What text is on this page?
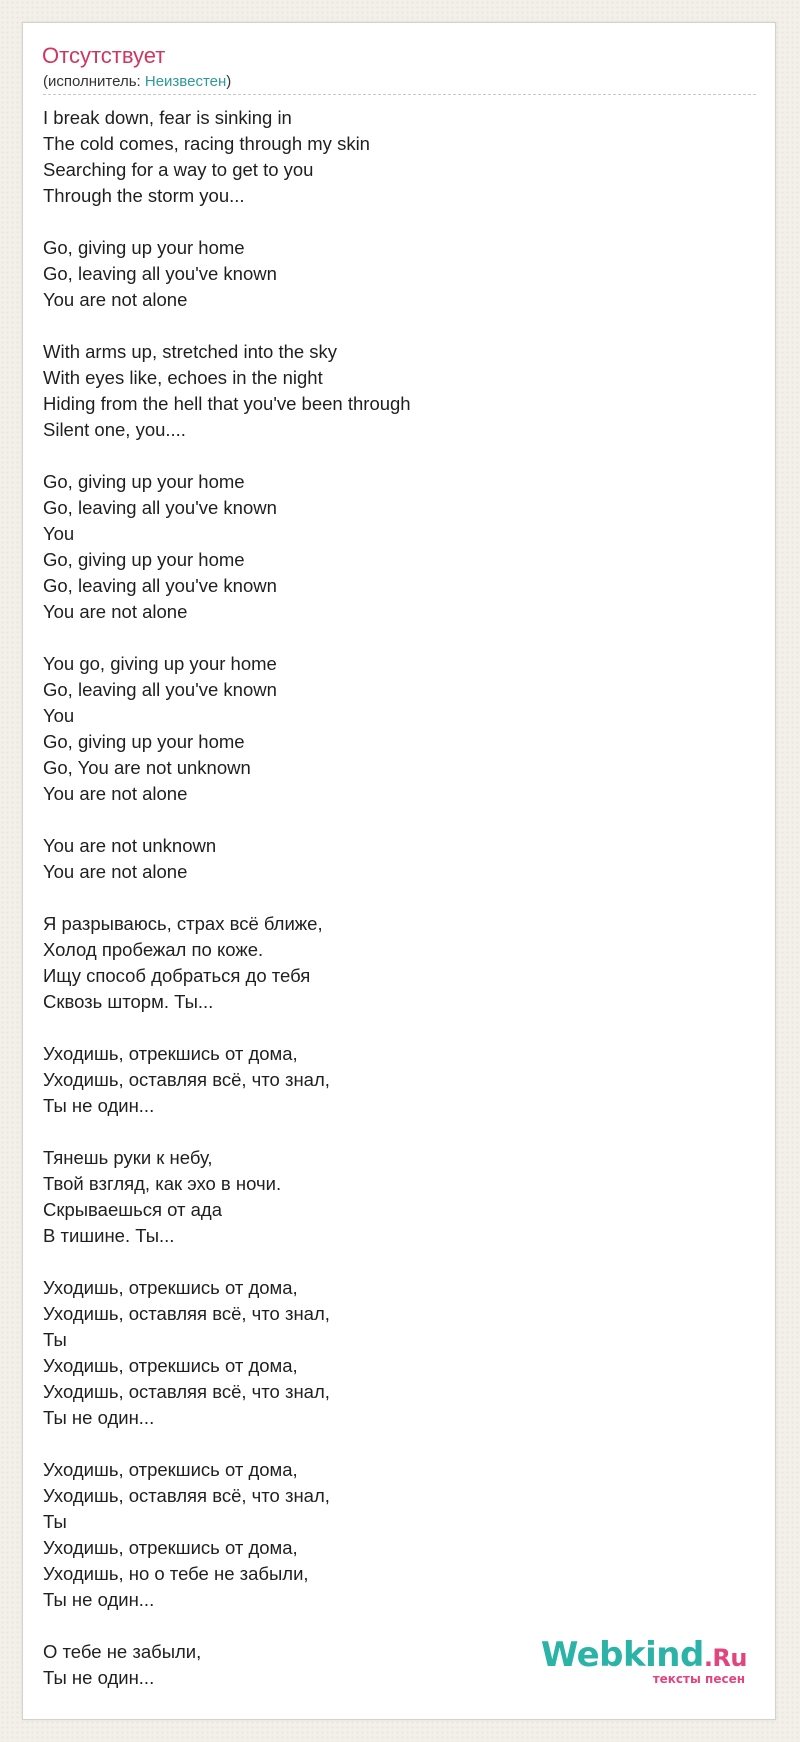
Отсутствует
(исполнитель: Неизвестен)
I break down, fear is sinking in
The cold comes, racing through my skin
Searching for a way to get to you
Through the storm you...
Go, giving up your home
Go, leaving all you've known
You are not alone
With arms up, stretched into the sky
With eyes like, echoes in the night
Hiding from the hell that you've been through
Silent one, you....
Go, giving up your home
Go, leaving all you've known
You
Go, giving up your home
Go, leaving all you've known
You are not alone
You go, giving up your home
Go, leaving all you've known
You
Go, giving up your home
Go, You are not unknown
You are not alone
You are not unknown
You are not alone
Я разрываюсь, страх всё ближе,
Холод пробежал по коже.
Ищу способ добраться до тебя
Сквозь шторм. Ты...
Уходишь, отрекшись от дома,
Уходишь, оставляя всё, что знал,
Ты не один...
Тянешь руки к небу,
Твой взгляд, как эхо в ночи.
Скрываешься от ада
В тишине. Ты...
Уходишь, отрекшись от дома,
Уходишь, оставляя всё, что знал,
Ты
Уходишь, отрекшись от дома,
Уходишь, оставляя всё, что знал,
Ты не один...
Уходишь, отрекшись от дома,
Уходишь, оставляя всё, что знал,
Ты
Уходишь, отрекшись от дома,
Уходишь, но о тебе не забыли,
Ты не один...
О тебе не забыли,
Ты не один...
Webkind.Ru
тексты песен
